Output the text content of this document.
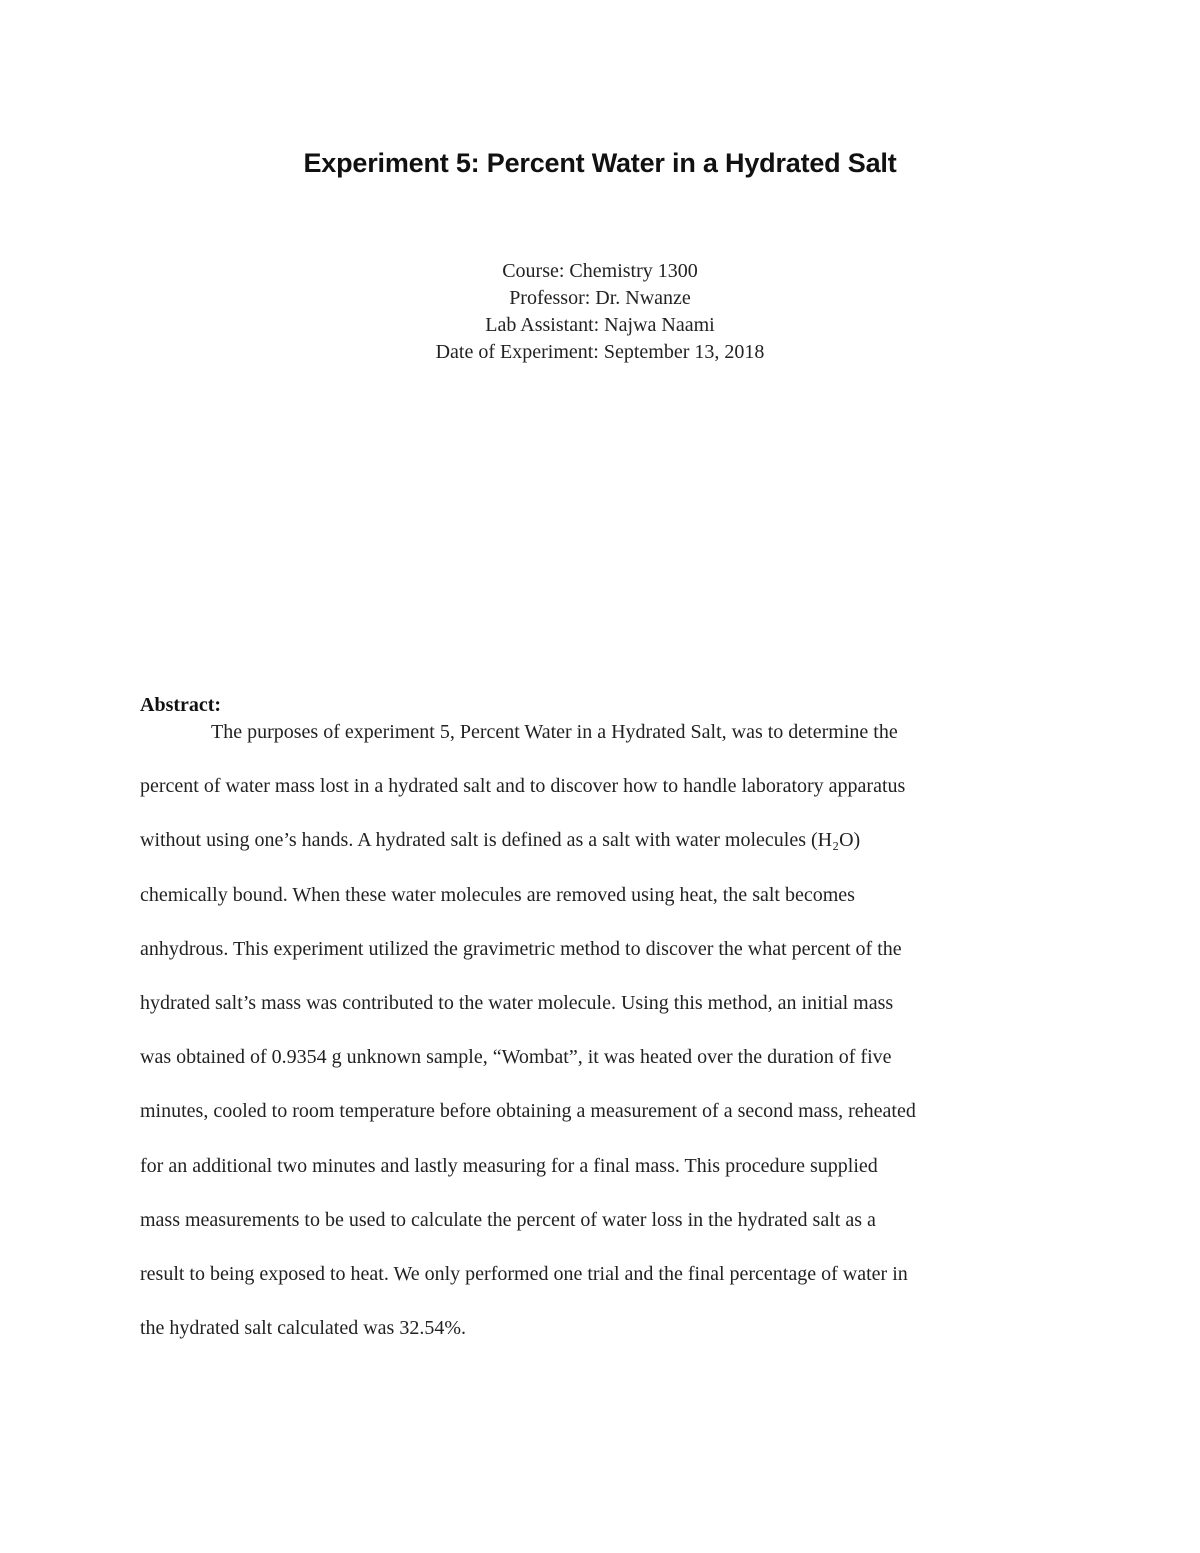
Experiment 5: Percent Water in a Hydrated Salt
Course: Chemistry 1300
Professor: Dr. Nwanze
Lab Assistant: Najwa Naami
Date of Experiment: September 13, 2018
Abstract:
The purposes of experiment 5, Percent Water in a Hydrated Salt, was to determine the
percent of water mass lost in a hydrated salt and to discover how to handle laboratory apparatus
without using one’s hands. A hydrated salt is defined as a salt with water molecules (H₂O)
chemically bound. When these water molecules are removed using heat, the salt becomes
anhydrous. This experiment utilized the gravimetric method to discover the what percent of the
hydrated salt’s mass was contributed to the water molecule. Using this method, an initial mass
was obtained of 0.9354 g unknown sample, “Wombat”, it was heated over the duration of five
minutes, cooled to room temperature before obtaining a measurement of a second mass, reheated
for an additional two minutes and lastly measuring for a final mass. This procedure supplied
mass measurements to be used to calculate the percent of water loss in the hydrated salt as a
result to being exposed to heat. We only performed one trial and the final percentage of water in
the hydrated salt calculated was 32.54%.
